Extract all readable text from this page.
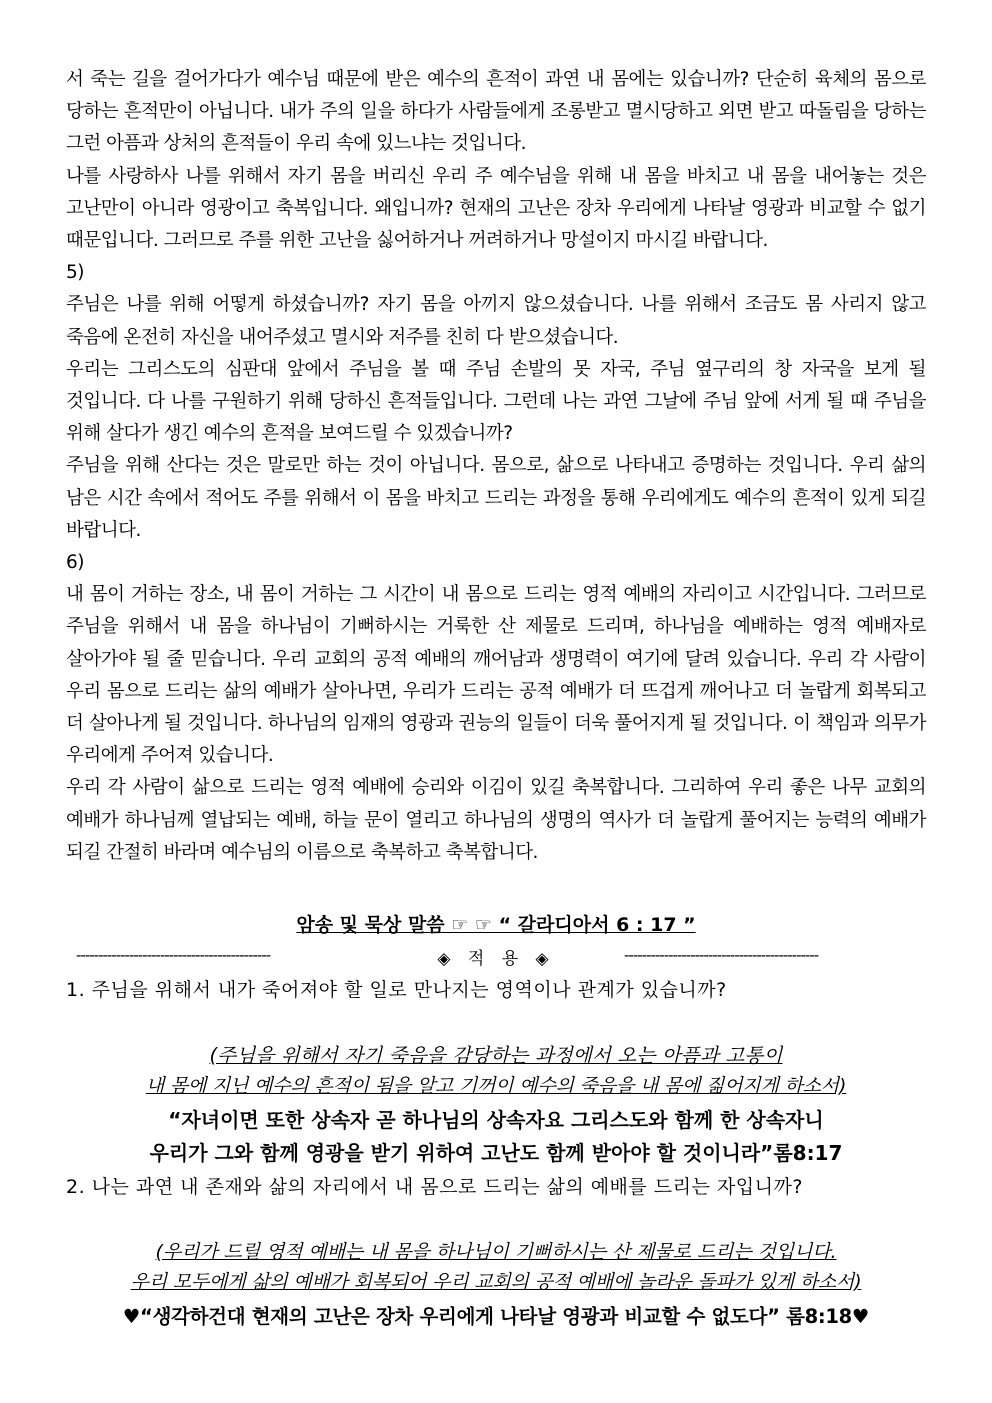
서 죽는 길을 걸어가다가 예수님 때문에 받은 예수의 흔적이 과연 내 몸에는 있습니까? 단순히 육체의 몸으로 당하는 흔적만이 아닙니다. 내가 주의 일을 하다가 사람들에게 조롱받고 멸시당하고 외면 받고 따돌림을 당하는 그런 아픔과 상처의 흔적들이 우리 속에 있느냐는 것입니다.

나를 사랑하사 나를 위해서 자기 몸을 버리신 우리 주 예수님을 위해 내 몸을 바치고 내 몸을 내어놓는 것은 고난만이 아니라 영광이고 축복입니다. 왜입니까? 현재의 고난은 장차 우리에게 나타날 영광과 비교할 수 없기 때문입니다. 그러므로 주를 위한 고난을 싫어하거나 꺼려하거나 망설이지 마시길 바랍니다.

5)

주님은 나를 위해 어떻게 하셨습니까? 자기 몸을 아끼지 않으셨습니다. 나를 위해서 조금도 몸 사리지 않고 죽음에 온전히 자신을 내어주셨고 멸시와 저주를 친히 다 받으셨습니다.

우리는 그리스도의 심판대 앞에서 주님을 볼 때 주님 손발의 못 자국, 주님 옆구리의 창 자국을 보게 될 것입니다. 다 나를 구원하기 위해 당하신 흔적들입니다. 그런데 나는 과연 그날에 주님 앞에 서게 될 때 주님을 위해 살다가 생긴 예수의 흔적을 보여드릴 수 있겠습니까?

주님을 위해 산다는 것은 말로만 하는 것이 아닙니다. 몸으로, 삶으로 나타내고 증명하는 것입니다. 우리 삶의 남은 시간 속에서 적어도 주를 위해서 이 몸을 바치고 드리는 과정을 통해 우리에게도 예수의 흔적이 있게 되길 바랍니다.

6)

내 몸이 거하는 장소, 내 몸이 거하는 그 시간이 내 몸으로 드리는 영적 예배의 자리이고 시간입니다. 그러므로 주님을 위해서 내 몸을 하나님이 기뻐하시는 거룩한 산 제물로 드리며, 하나님을 예배하는 영적 예배자로 살아가야 될 줄 믿습니다. 우리 교회의 공적 예배의 깨어남과 생명력이 여기에 달려 있습니다. 우리 각 사람이 우리 몸으로 드리는 삶의 예배가 살아나면, 우리가 드리는 공적 예배가 더 뜨겁게 깨어나고 더 놀랍게 회복되고 더 살아나게 될 것입니다. 하나님의 임재의 영광과 권능의 일들이 더욱 풀어지게 될 것입니다. 이 책임과 의무가 우리에게 주어져 있습니다.

우리 각 사람이 삶으로 드리는 영적 예배에 승리와 이김이 있길 축복합니다. 그리하여 우리 좋은 나무 교회의 예배가 하나님께 열납되는 예배, 하늘 문이 열리고 하나님의 생명의 역사가 더 놀랍게 풀어지는 능력의 예배가 되길 간절히 바라며 예수님의 이름으로 축복하고 축복합니다.

암송 및 묵상 말씀 ☞ ☞ “ 갈라디아서 6 : 17 ”
--------------------------------------------	◈ 적 용 ◈	--------------------------------------------
1. 주님을 위해서 내가 죽어져야 할 일로 만나지는 영역이나 관계가 있습니까?
(주님을 위해서 자기 죽음을 감당하는 과정에서 오는 아픔과 고통이
내 몸에 지닌 예수의 흔적이 됨을 알고 기꺼이 예수의 죽음을 내 몸에 짊어지게 하소서)
“자녀이면 또한 상속자 곧 하나님의 상속자요 그리스도와 함께 한 상속자니
우리가 그와 함께 영광을 받기 위하여 고난도 함께 받아야 할 것이니라”롬8:17
2. 나는 과연 내 존재와 삶의 자리에서 내 몸으로 드리는 삶의 예배를 드리는 자입니까?
(우리가 드릴 영적 예배는 내 몸을 하나님이 기뻐하시는 산 제물로 드리는 것입니다.
우리 모두에게 삶의 예배가 회복되어 우리 교회의 공적 예배에 놀라운 돌파가 있게 하소서)
♥“생각하건대 현재의 고난은 장차 우리에게 나타날 영광과 비교할 수 없도다” 롬8:18♥
